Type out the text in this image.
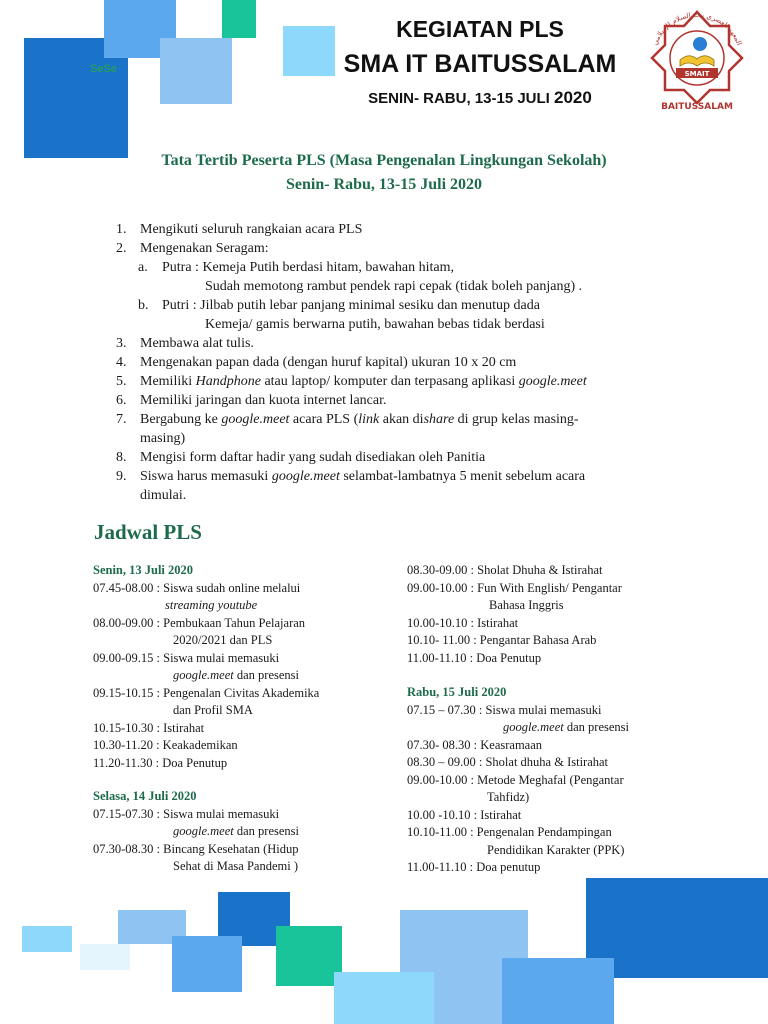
SeSe
KEGIATAN PLS
SMA IT BAITUSSALAM
SENIN- RABU, 13-15 JULI 2020
المعهد العصري بيت السلام الإسلامي
SMAIT
BAITUSSALAM
Tata Tertib Peserta PLS (Masa Pengenalan Lingkungan Sekolah)
Senin- Rabu, 13-15 Juli 2020
1. Mengikuti seluruh rangkaian acara PLS
2. Mengenakan Seragam:
a. Putra : Kemeja Putih berdasi hitam, bawahan hitam,
Sudah memotong rambut pendek rapi cepak (tidak boleh panjang) .
b. Putri : Jilbab putih lebar panjang minimal sesiku dan menutup dada
Kemeja/ gamis berwarna putih, bawahan bebas tidak berdasi
3. Membawa alat tulis.
4. Mengenakan papan dada (dengan huruf kapital) ukuran 10 x 20 cm
5. Memiliki Handphone atau laptop/ komputer dan terpasang aplikasi google.meet
6. Memiliki jaringan dan kuota internet lancar.
7. Bergabung ke google.meet acara PLS (link akan dishare di grup kelas masing-
masing)
8. Mengisi form daftar hadir yang sudah disediakan oleh Panitia
9. Siswa harus memasuki google.meet selambat-lambatnya 5 menit sebelum acara
dimulai.
Jadwal PLS
Senin, 13 Juli 2020
07.45-08.00 : Siswa sudah online melalui
streaming youtube
08.00-09.00 : Pembukaan Tahun Pelajaran
2020/2021 dan PLS
09.00-09.15 : Siswa mulai memasuki
google.meet dan presensi
09.15-10.15 : Pengenalan Civitas Akademika
dan Profil SMA
10.15-10.30 : Istirahat
10.30-11.20 : Keakademikan
11.20-11.30 : Doa Penutup
Selasa, 14 Juli 2020
07.15-07.30 : Siswa mulai memasuki
google.meet dan presensi
07.30-08.30 : Bincang Kesehatan (Hidup
Sehat di Masa Pandemi )
08.30-09.00 : Sholat Dhuha & Istirahat
09.00-10.00 : Fun With English/ Pengantar
Bahasa Inggris
10.00-10.10 : Istirahat
10.10- 11.00 : Pengantar Bahasa Arab
11.00-11.10 : Doa Penutup
Rabu, 15 Juli 2020
07.15 – 07.30 : Siswa mulai memasuki
google.meet dan presensi
07.30- 08.30 : Keasramaan
08.30 – 09.00 : Sholat dhuha & Istirahat
09.00-10.00 : Metode Meghafal (Pengantar
Tahfidz)
10.00 -10.10 : Istirahat
10.10-11.00 : Pengenalan Pendampingan
Pendidikan Karakter (PPK)
11.00-11.10 : Doa penutup
